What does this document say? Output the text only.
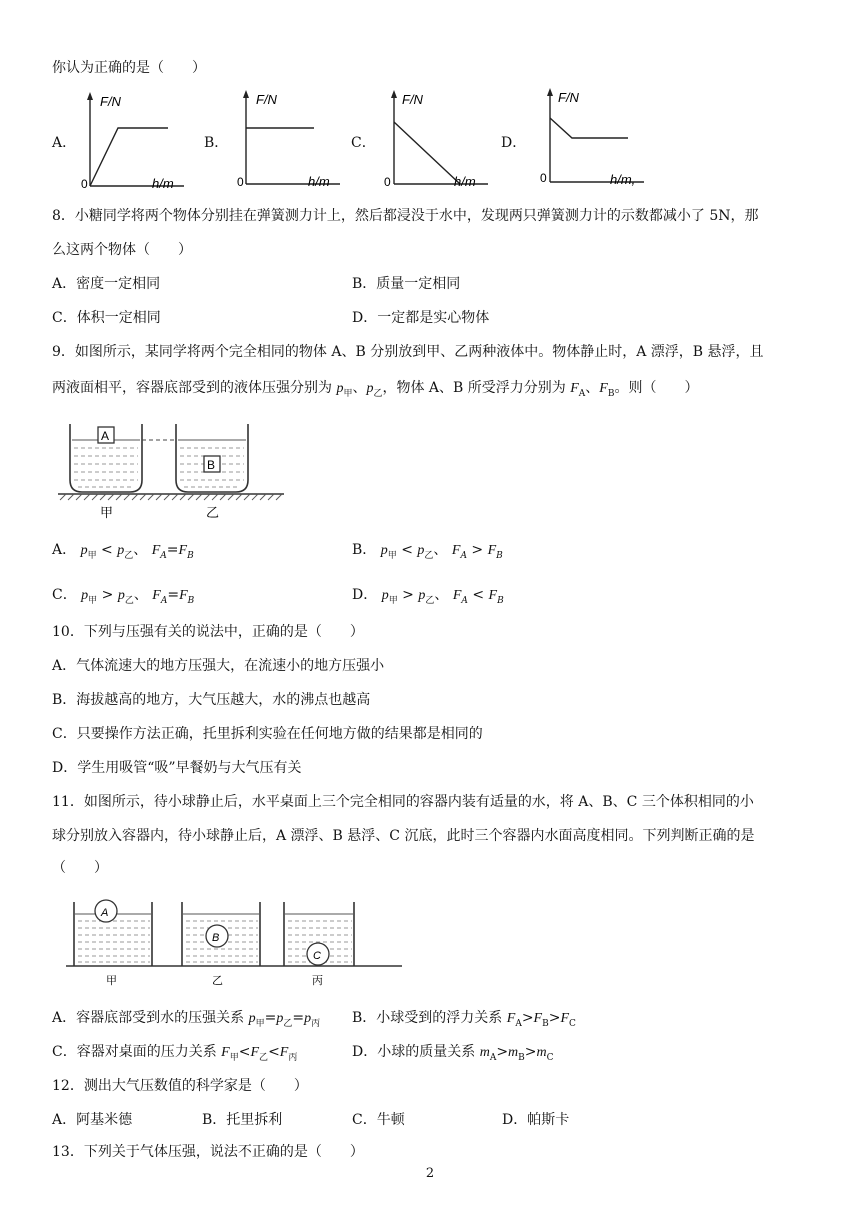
你认为正确的是（　　）
A．
F/N
0	h/m
B．
F/N
0	h/m
C．
F/N
0	h/m
D．
F/N
0	h/m,
8．小糖同学将两个物体分别挂在弹簧测力计上，然后都浸没于水中，发现两只弹簧测力计的示数都减小了 5N，那
么这两个物体（　　）
A．密度一定相同	B．质量一定相同
C．体积一定相同	D．一定都是实心物体
9．如图所示，某同学将两个完全相同的物体 A、B 分别放到甲、乙两种液体中。物体静止时，A 漂浮，B 悬浮，且
两液面相平，容器底部受到的液体压强分别为 $p_甲$、$p_乙$，物体 A、B 所受浮力分别为 $F_A$、$F_B$。则（　　）
A
B
甲	乙
A． $p_甲 < p_乙$、 $F_A=F_B$	B． $p_甲 < p_乙$、 $F_A > F_B$
C． $p_甲 > p_乙$、 $F_A=F_B$	D． $p_甲 > p_乙$、 $F_A < F_B$
10．下列与压强有关的说法中，正确的是（　　）
A．气体流速大的地方压强大，在流速小的地方压强小
B．海拔越高的地方，大气压越大，水的沸点也越高
C．只要操作方法正确，托里拆利实验在任何地方做的结果都是相同的
D．学生用吸管“吸”早餐奶与大气压有关
11．如图所示，待小球静止后，水平桌面上三个完全相同的容器内装有适量的水，将 A、B、C 三个体积相同的小
球分别放入容器内，待小球静止后，A 漂浮、B 悬浮、C 沉底，此时三个容器内水面高度相同。下列判断正确的是
（　　）
A
B
C
甲	乙	丙
A．容器底部受到水的压强关系 $p_甲=p_乙=p_丙$ B．小球受到的浮力关系 $F_A>F_B>F_C$
C．容器对桌面的压力关系 $F_甲<F_乙<F_丙$	D．小球的质量关系 $m_A>m_B>m_C$
12．测出大气压数值的科学家是（　　）
A．阿基米德	B．托里拆利	C．牛顿	D．帕斯卡
13．下列关于气体压强，说法不正确的是（　　）
2
